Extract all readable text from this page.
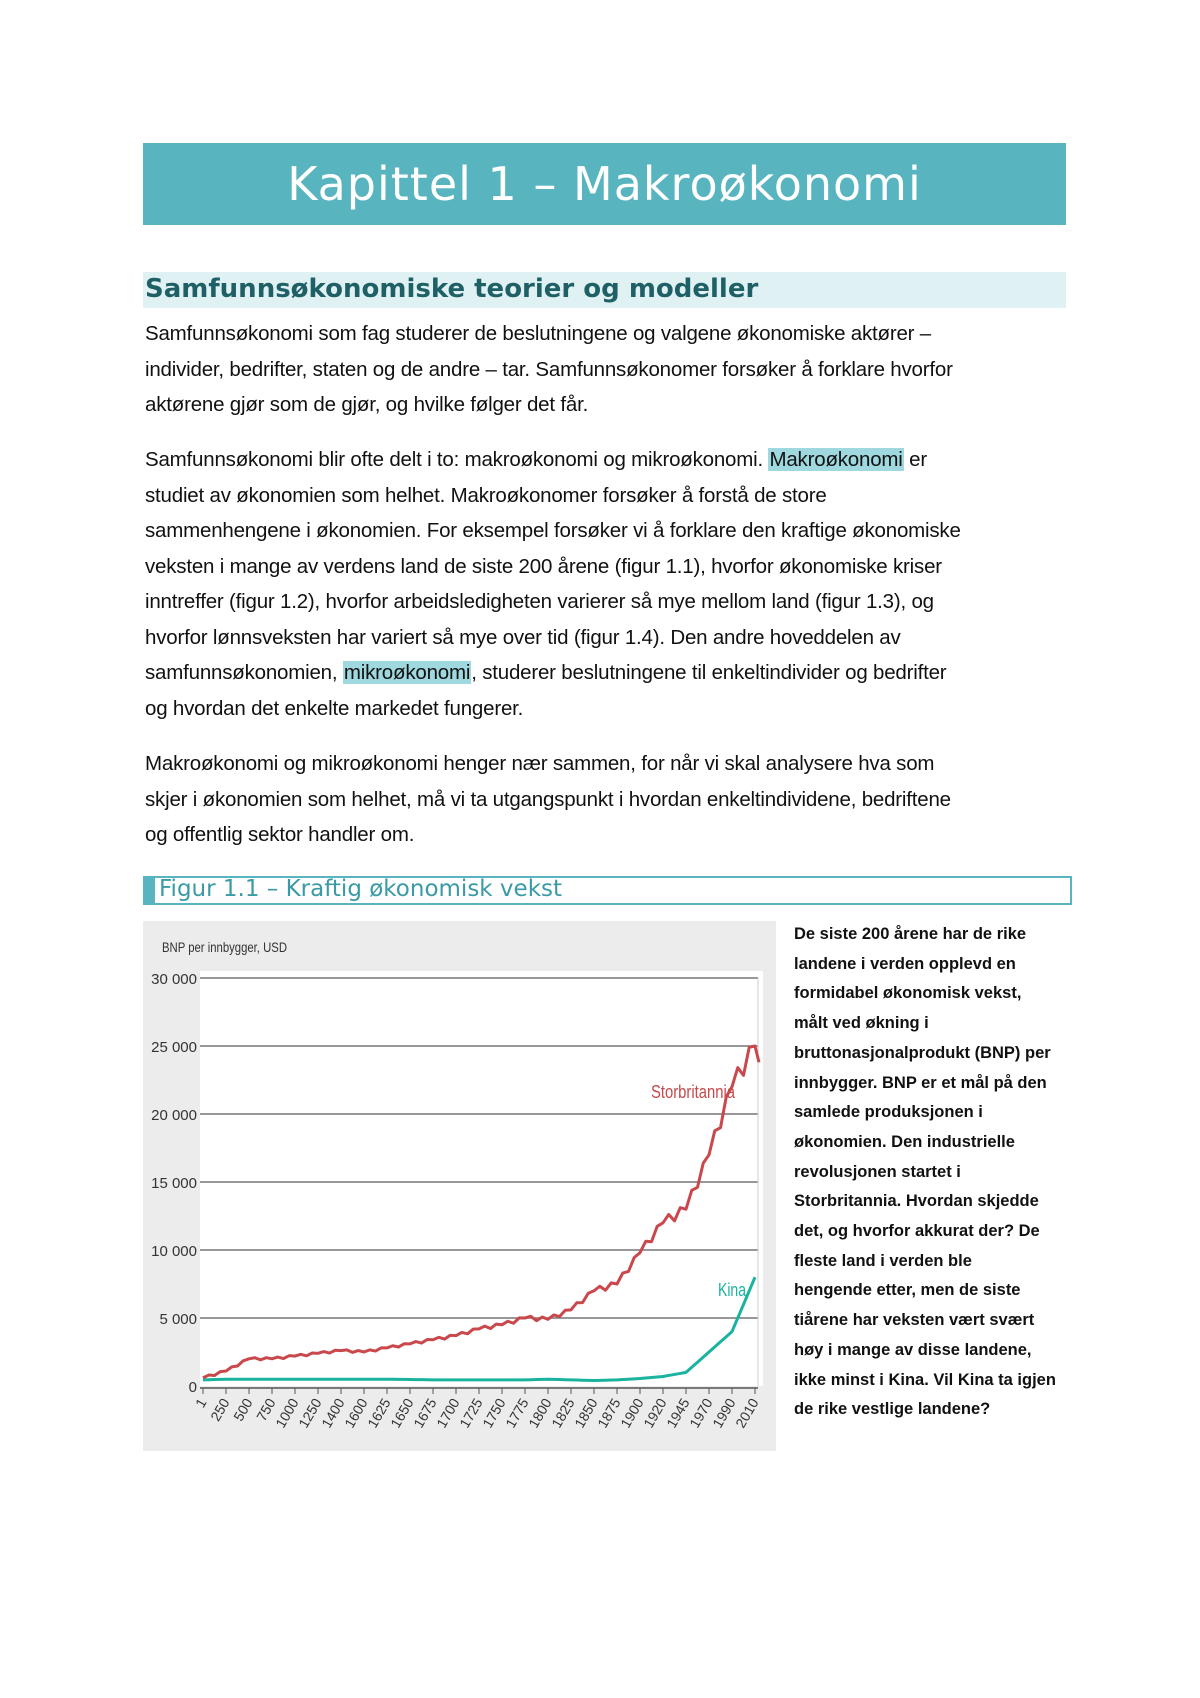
Kapittel 1 – Makroøkonomi
Samfunnsøkonomiske teorier og modeller
Samfunnsøkonomi som fag studerer de beslutningene og valgene økonomiske aktører –
individer, bedrifter, staten og de andre – tar. Samfunnsøkonomer forsøker å forklare hvorfor
aktørene gjør som de gjør, og hvilke følger det får.
Samfunnsøkonomi blir ofte delt i to: makroøkonomi og mikroøkonomi. Makroøkonomi er
studiet av økonomien som helhet. Makroøkonomer forsøker å forstå de store
sammenhengene i økonomien. For eksempel forsøker vi å forklare den kraftige økonomiske
veksten i mange av verdens land de siste 200 årene (figur 1.1), hvorfor økonomiske kriser
inntreffer (figur 1.2), hvorfor arbeidsledigheten varierer så mye mellom land (figur 1.3), og
hvorfor lønnsveksten har variert så mye over tid (figur 1.4). Den andre hoveddelen av
samfunnsøkonomien, mikroøkonomi, studerer beslutningene til enkeltindivider og bedrifter
og hvordan det enkelte markedet fungerer.
Makroøkonomi og mikroøkonomi henger nær sammen, for når vi skal analysere hva som
skjer i økonomien som helhet, må vi ta utgangspunkt i hvordan enkeltindividene, bedriftene
og offentlig sektor handler om.
Figur 1.1 – Kraftig økonomisk vekst
BNP per innbygger, USD
0
5 000
10 000
15 000
20 000
25 000
30 000
1
250
500
750
1000
1250
1400
1600
1625
1650
1675
1700
1725
1750
1775
1800
1825
1850
1875
1900
1920
1945
1970
1990
2010
Storbritannia
Kina
De siste 200 årene har de rike
landene i verden opplevd en
formidabel økonomisk vekst,
målt ved økning i
bruttonasjonalprodukt (BNP) per
innbygger. BNP er et mål på den
samlede produksjonen i
økonomien. Den industrielle
revolusjonen startet i
Storbritannia. Hvordan skjedde
det, og hvorfor akkurat der? De
fleste land i verden ble
hengende etter, men de siste
tiårene har veksten vært svært
høy i mange av disse landene,
ikke minst i Kina. Vil Kina ta igjen
de rike vestlige landene?
